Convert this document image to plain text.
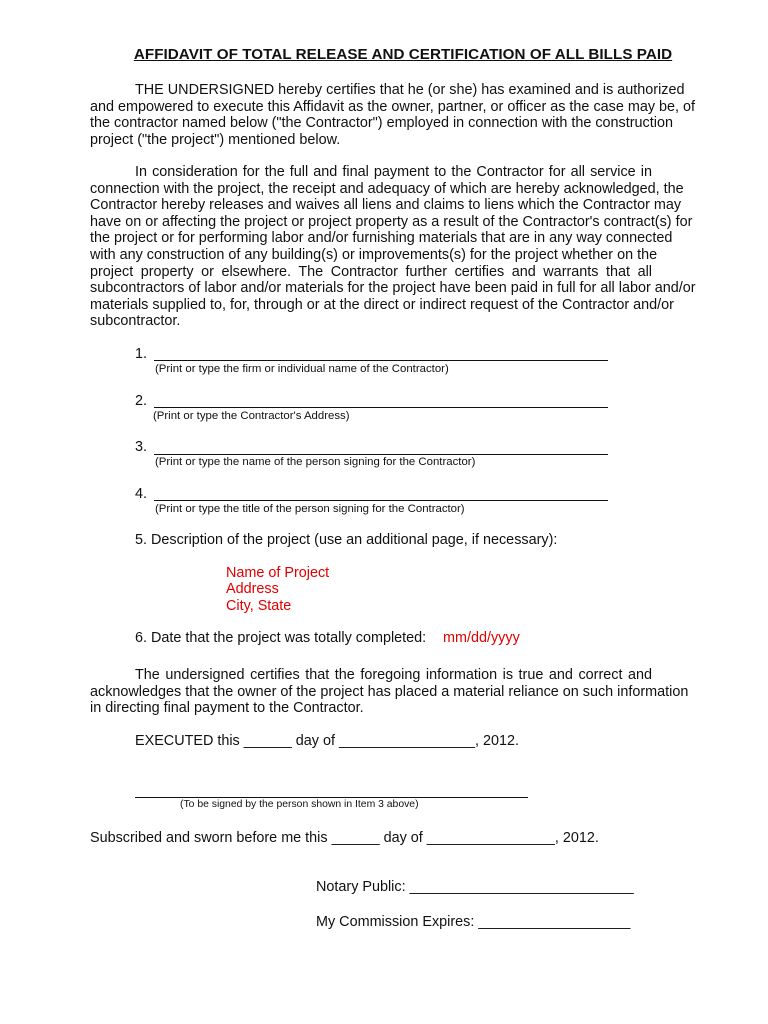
AFFIDAVIT OF TOTAL RELEASE AND CERTIFICATION OF ALL BILLS PAID
THE UNDERSIGNED hereby certifies that he (or she) has examined and is authorized
and empowered to execute this Affidavit as the owner, partner, or officer as the case may be, of
the contractor named below ("the Contractor") employed in connection with the construction
project ("the project") mentioned below.
In consideration for the full and final payment to the Contractor for all service in
connection with the project, the receipt and adequacy of which are hereby acknowledged, the
Contractor hereby releases and waives all liens and claims to liens which the Contractor may
have on or affecting the project or project property as a result of the Contractor's contract(s) for
the project or for performing labor and/or furnishing materials that are in any way connected
with any construction of any building(s) or improvements(s) for the project whether on the
project property or elsewhere. The Contractor further certifies and warrants that all
subcontractors of labor and/or materials for the project have been paid in full for all labor and/or
materials supplied to, for, through or at the direct or indirect request of the Contractor and/or
subcontractor.
1.
(Print or type the firm or individual name of the Contractor)
2.
(Print or type the Contractor's Address)
3.
(Print or type the name of the person signing for the Contractor)
4.
(Print or type the title of the person signing for the Contractor)
5. Description of the project (use an additional page, if necessary):
Name of Project
Address
City, State
6. Date that the project was totally completed: mm/dd/yyyy
The undersigned certifies that the foregoing information is true and correct and
acknowledges that the owner of the project has placed a material reliance on such information
in directing final payment to the Contractor.
EXECUTED this ______ day of _________________, 2012.
(To be signed by the person shown in Item 3 above)
Subscribed and sworn before me this ______ day of ________________, 2012.
Notary Public: ____________________________
My Commission Expires: ___________________
